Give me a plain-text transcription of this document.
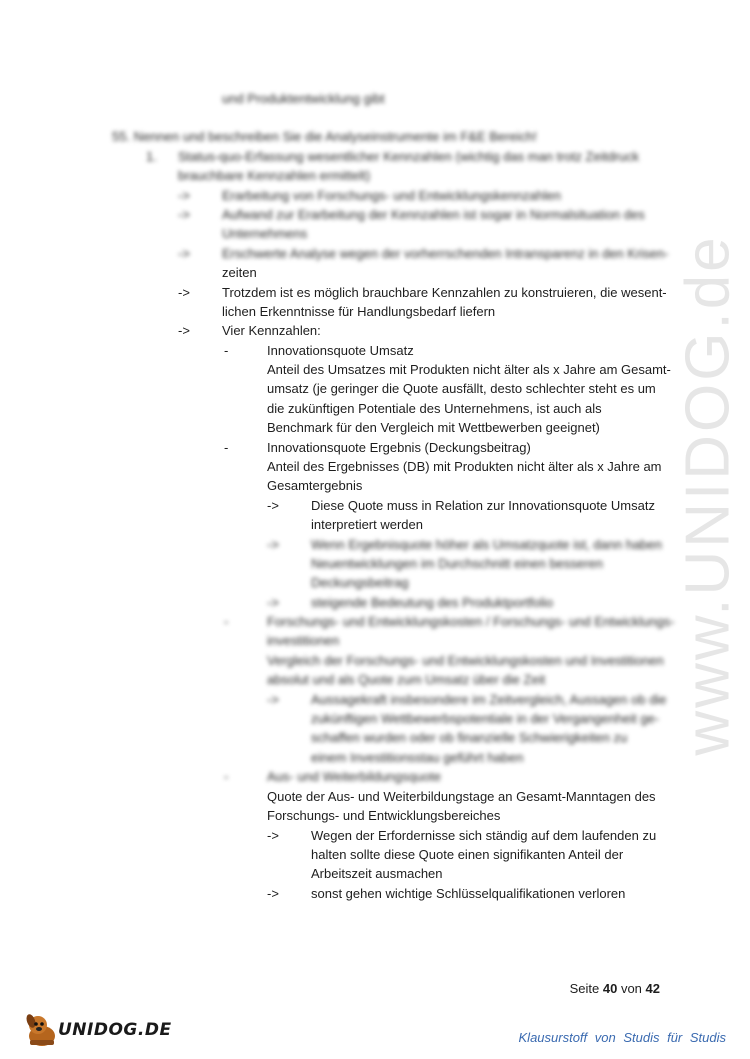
www.UNIDOG.de
und Produktentwicklung gibt
55. Nennen und beschreiben Sie die Analyseinstrumente im F&E Bereich!
1. Status-quo-Erfassung wesentlicher Kennzahlen (wichtig das man trotz Zeitdruck
brauchbare Kennzahlen ermittelt)
-> Erarbeitung von Forschungs- und Entwicklungskennzahlen
-> Aufwand zur Erarbeitung der Kennzahlen ist sogar in Normalsituation des
Unternehmens
-> Erschwerte Analyse wegen der vorherrschenden Intransparenz in den Krisen-
zeiten
-> Trotzdem ist es möglich brauchbare Kennzahlen zu konstruieren, die wesent-
lichen Erkenntnisse für Handlungsbedarf liefern
-> Vier Kennzahlen:
-	Innovationsquote Umsatz
Anteil des Umsatzes mit Produkten nicht älter als x Jahre am Gesamt-
umsatz (je geringer die Quote ausfällt, desto schlechter steht es um
die zukünftigen Potentiale des Unternehmens, ist auch als
Benchmark für den Vergleich mit Wettbewerben geeignet)
-	Innovationsquote Ergebnis (Deckungsbeitrag)
Anteil des Ergebnisses (DB) mit Produkten nicht älter als x Jahre am
Gesamtergebnis
-> Diese Quote muss in Relation zur Innovationsquote Umsatz
interpretiert werden
-> Wenn Ergebnisquote höher als Umsatzquote ist, dann haben
Neuentwicklungen im Durchschnitt einen besseren
Deckungsbeitrag
-> steigende Bedeutung des Produktportfolio
-	Forschungs- und Entwicklungskosten / Forschungs- und Entwicklungs-
investitionen
Vergleich der Forschungs- und Entwicklungskosten und Investitionen
absolut und als Quote zum Umsatz über die Zeit
-> Aussagekraft insbesondere im Zeitvergleich, Aussagen ob die
zukünftigen Wettbewerbspotentiale in der Vergangenheit ge-
schaffen wurden oder ob finanzielle Schwierigkeiten zu
einem Investitionsstau geführt haben
-	Aus- und Weiterbildungsquote
Quote der Aus- und Weiterbildungstage an Gesamt-Manntagen des
Forschungs- und Entwicklungsbereiches
-> Wegen der Erfordernisse sich ständig auf dem laufenden zu
halten sollte diese Quote einen signifikanten Anteil der
Arbeitszeit ausmachen
-> sonst gehen wichtige Schlüsselqualifikationen verloren
Seite 40 von 42
UNIDOG.DE	Klausurstoff von Studis für Studis
